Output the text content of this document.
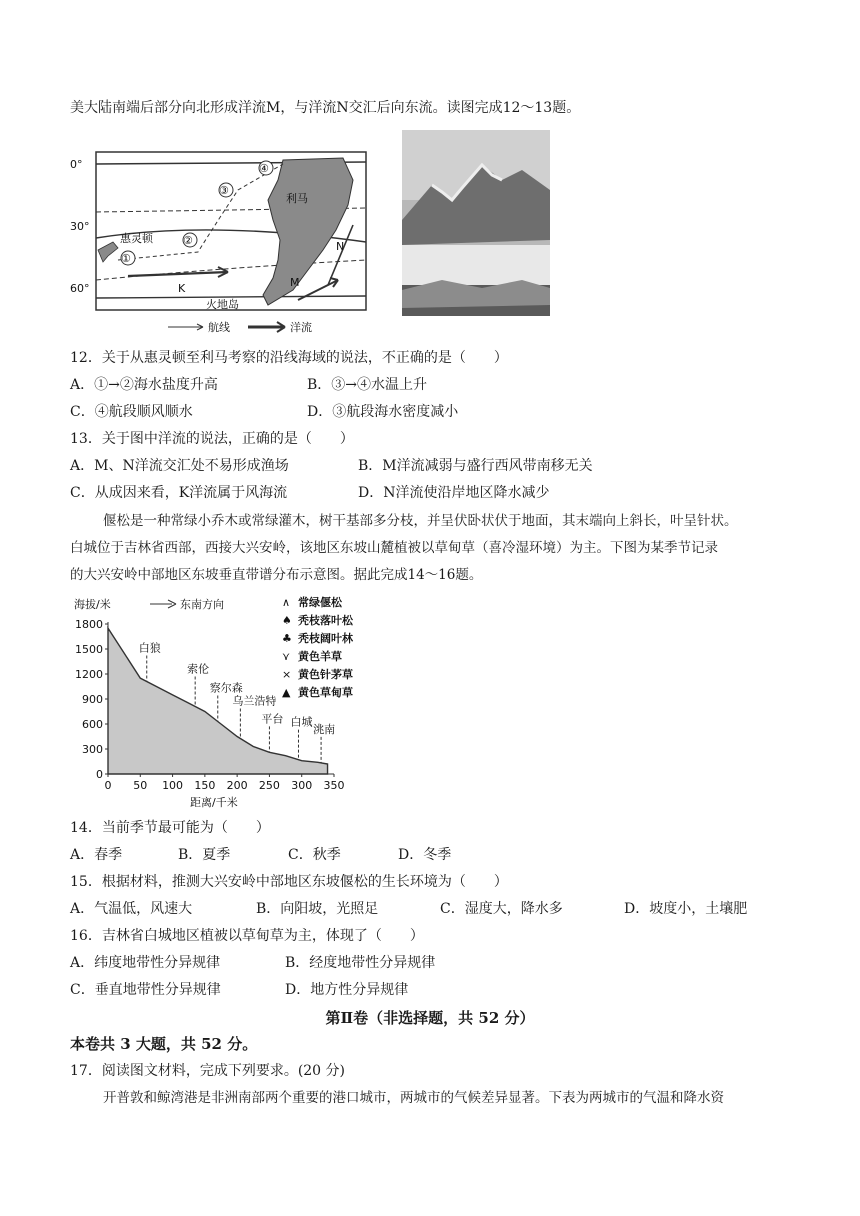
美大陆南端后部分向北形成洋流M，与洋流N交汇后向东流。读图完成12～13题。
0°
30°
60°
①
②
③
④
惠灵顿
利马
火地岛
K	M
N
航线	洋流
12．关于从惠灵顿至利马考察的沿线海域的说法，不正确的是（　　）
A．①→②海水盐度升高	B．③→④水温上升
C．④航段顺风顺水	D．③航段海水密度减小
13．关于图中洋流的说法，正确的是（　　）
A．M、N洋流交汇处不易形成渔场	B．M洋流减弱与盛行西风带南移无关
C．从成因来看，K洋流属于风海流	D．N洋流使沿岸地区降水减少
偃松是一种常绿小乔木或常绿灌木，树干基部多分枝，并呈伏卧状伏于地面，其末端向上斜长，叶呈针状。
白城位于吉林省西部，西接大兴安岭，该地区东坡山麓植被以草甸草（喜冷湿环境）为主。下图为某季节记录
的大兴安岭中部地区东坡垂直带谱分布示意图。据此完成14～16题。
海拔/米	东南方向
1800
1500
1200
900
600
300
0
0 50 100 150 200 250 300 350
白狼
索伦
察尔森
乌兰浩特
平台 白城
洮南
距离/千米
∧ 常绿偃松
♠ 秃枝落叶松
♣ 秃枝阔叶林
⋎ 黄色羊草
× 黄色针茅草
▲ 黄色草甸草
14．当前季节最可能为（　　）
A．春季	B．夏季	C．秋季	D．冬季
15．根据材料，推测大兴安岭中部地区东坡偃松的生长环境为（　　）
A．气温低，风速大	B．向阳坡，光照足	C．湿度大，降水多	D．坡度小，土壤肥
16．吉林省白城地区植被以草甸草为主，体现了（　　）
A．纬度地带性分异规律	B．经度地带性分异规律
C．垂直地带性分异规律	D．地方性分异规律
第Ⅱ卷（非选择题，共 52 分）
本卷共 3 大题，共 52 分。
17．阅读图文材料，完成下列要求。(20 分)
开普敦和鲸湾港是非洲南部两个重要的港口城市，两城市的气候差异显著。下表为两城市的气温和降水资
